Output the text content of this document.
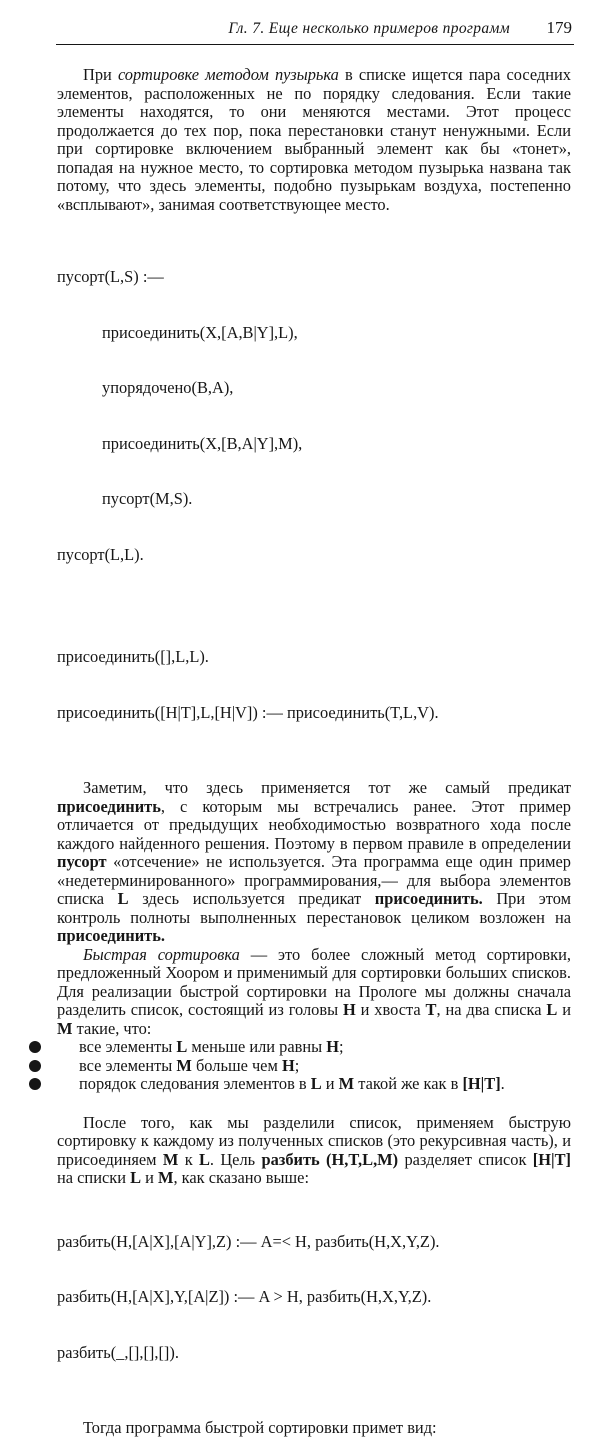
Гл. 7. Еще несколько примеров программ 179

При сортировке методом пузырька в списке ищется пара соседних элементов, расположенных не по порядку следования. Если такие элементы находятся, то они меняются местами. Этот процесс продолжается до тех пор, пока перестановки станут ненужными. Если при сортировке включением выбранный элемент как бы «тонет», попадая на нужное место, то сортировка методом пузырька названа так потому, что здесь элементы, подобно пузырькам воздуха, постепенно «всплывают», занимая соответствующее место.

пусорт(L,S) :—

присоединить(X,[A,B|Y],L),

упорядочено(B,A),

присоединить(X,[B,A|Y],M),

пусорт(M,S).

пусорт(L,L).

присоединить([],L,L).

присоединить([H|T],L,[H|V]) :— присоединить(T,L,V).

Заметим, что здесь применяется тот же самый предикат присоединить, с которым мы встречались ранее. Этот пример отличается от предыдущих необходимостью возвратного хода после каждого найденного решения. Поэтому в первом правиле в определении пусорт «отсечение» не используется. Эта программа еще один пример «недетерминированного» программирования,— для выбора элементов списка L здесь используется предикат присоединить. При этом контроль полноты выполненных перестановок целиком возложен на присоединить.

Быстрая сортировка — это более сложный метод сортировки, предложенный Хоором и применимый для сортировки больших списков. Для реализации быстрой сортировки на Прологе мы должны сначала разделить список, состоящий из головы H и хвоста T, на два списка L и M такие, что:

все элементы L меньше или равны H;
все элементы M больше чем H;
порядок следования элементов в L и M такой же как в [H|T].

После того, как мы разделили список, применяем быструю сортировку к каждому из полученных списков (это рекурсивная часть), и присоединяем M к L. Цель разбить (H,T,L,M) разделяет список [H|T] на списки L и M, как сказано выше:

разбить(H,[A|X],[A|Y],Z) :— A=< H, разбить(H,X,Y,Z).

разбить(H,[A|X],Y,[A|Z]) :— A > H, разбить(H,X,Y,Z).

разбить(_,[],[],[]).

Тогда программа быстрой сортировки примет вид:
